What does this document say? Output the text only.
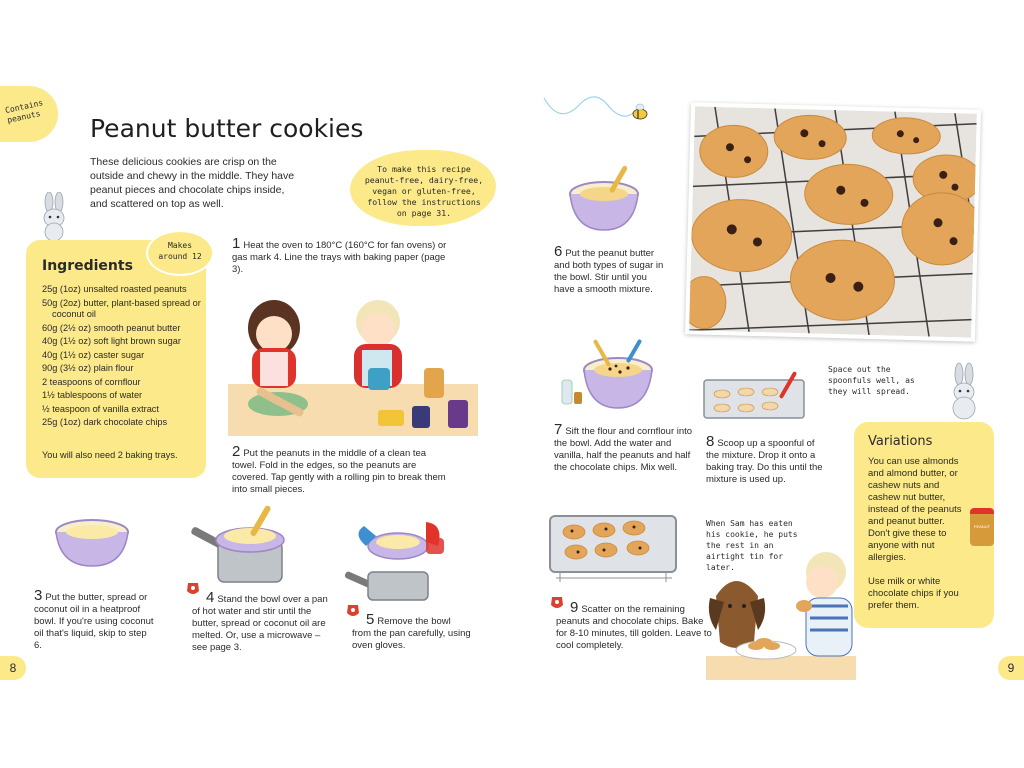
Contains
peanuts Peanut butter cookies
These delicious cookies are crisp on the outside and chewy in the middle. They have peanut pieces and chocolate chips inside, and scattered on top as well.
To make this recipe peanut-free, dairy-free, vegan or gluten-free, follow the instructions on page 31.
Ingredients
25g (1oz) unsalted roasted peanuts
50g (2oz) butter, plant-based spread or coconut oil
60g (2½ oz) smooth peanut butter
40g (1½ oz) soft light brown sugar
40g (1½ oz) caster sugar
90g (3½ oz) plain flour
2 teaspoons of cornflour
1½ tablespoons of water
½ teaspoon of vanilla extract
25g (1oz) dark chocolate chips
You will also need 2 baking trays.
Makes
around 12
1 Heat the oven to 180°C (160°C for fan ovens) or gas mark 4. Line the trays with baking paper (page 3).
2 Put the peanuts in the middle of a clean tea towel. Fold in the edges, so the peanuts are covered. Tap gently with a rolling pin to break them into small pieces.
3 Put the butter, spread or coconut oil in a heatproof bowl. If you're using coconut oil that's liquid, skip to step 6.
4 Stand the bowl over a pan of hot water and stir until the butter, spread or coconut oil are melted. Or, use a microwave – see page 3.
5 Remove the bowl from the pan carefully, using oven gloves.
8
6 Put the peanut butter and both types of sugar in the bowl. Stir until you have a smooth mixture.
7 Sift the flour and cornflour into the bowl. Add the water and vanilla, half the peanuts and half the chocolate chips. Mix well.
Space out the spoonfuls well, as they will spread.
8 Scoop up a spoonful of the mixture. Drop it onto a baking tray. Do this until the mixture is used up.
Variations
You can use almonds and almond butter, or cashew nuts and cashew nut butter, instead of the peanuts and peanut butter. Don't give these to anyone with nut allergies.

Use milk or white chocolate chips if you prefer them.
PEANUT
9 Scatter on the remaining peanuts and chocolate chips. Bake for 8-10 minutes, till golden. Leave to cool completely.
When Sam has eaten his cookie, he puts the rest in an airtight tin for later.
9
